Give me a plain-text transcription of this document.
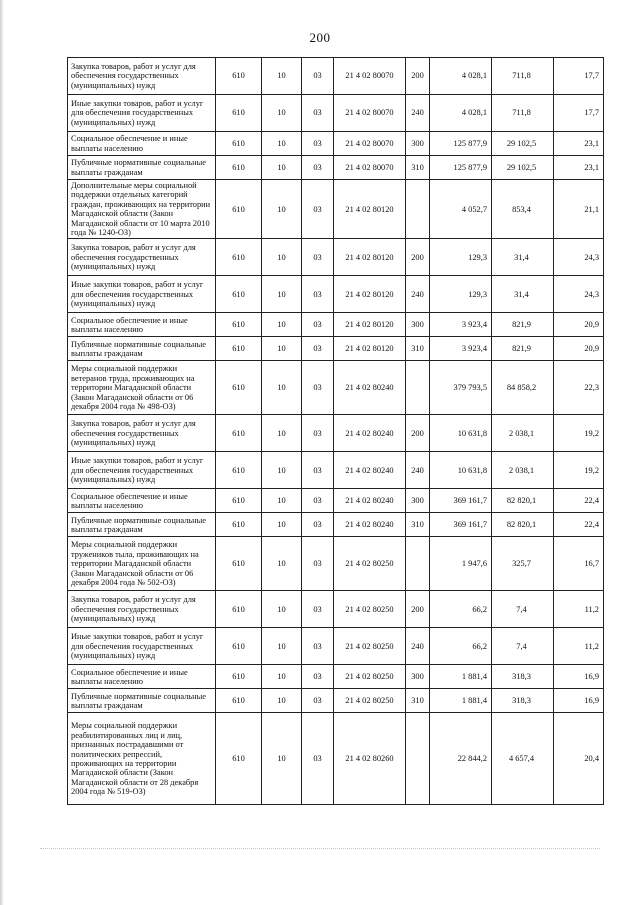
200
Закупка товаров, работ и услуг для обеспечения государственных (муниципальных) нужд	610	10	03	21 4 02 80070	200	4 028,1	711,8	17,7
Иные закупки товаров, работ и услуг для обеспечения государственных (муниципальных) нужд	610	10	03	21 4 02 80070	240	4 028,1	711,8	17,7
Социальное обеспечение и иные выплаты населению	610	10	03	21 4 02 80070	300	125 877,9	29 102,5	23,1
Публичные нормативные социальные выплаты гражданам	610	10	03	21 4 02 80070	310	125 877,9	29 102,5	23,1
Дополнительные меры социальной поддержки отдельных категорий граждан, проживающих на территории Магаданской области (Закон Магаданской области от 10 марта 2010 года № 1240-ОЗ)	610	10	03	21 4 02 80120		4 052,7	853,4	21,1
Закупка товаров, работ и услуг для обеспечения государственных (муниципальных) нужд	610	10	03	21 4 02 80120	200	129,3	31,4	24,3
Иные закупки товаров, работ и услуг для обеспечения государственных (муниципальных) нужд	610	10	03	21 4 02 80120	240	129,3	31,4	24,3
Социальное обеспечение и иные выплаты населению	610	10	03	21 4 02 80120	300	3 923,4	821,9	20,9
Публичные нормативные социальные выплаты гражданам	610	10	03	21 4 02 80120	310	3 923,4	821,9	20,9
Меры социальной поддержки ветеранов труда, проживающих на территории Магаданской области (Закон Магаданской области от 06 декабря 2004 года № 498-ОЗ)	610	10	03	21 4 02 80240		379 793,5	84 858,2	22,3
Закупка товаров, работ и услуг для обеспечения государственных (муниципальных) нужд	610	10	03	21 4 02 80240	200	10 631,8	2 038,1	19,2
Иные закупки товаров, работ и услуг для обеспечения государственных (муниципальных) нужд	610	10	03	21 4 02 80240	240	10 631,8	2 038,1	19,2
Социальное обеспечение и иные выплаты населению	610	10	03	21 4 02 80240	300	369 161,7	82 820,1	22,4
Публичные нормативные социальные выплаты гражданам	610	10	03	21 4 02 80240	310	369 161,7	82 820,1	22,4
Меры социальной поддержки тружеников тыла, проживающих на территории Магаданской области (Закон Магаданской области от 06 декабря 2004 года № 502-ОЗ)	610	10	03	21 4 02 80250		1 947,6	325,7	16,7
Закупка товаров, работ и услуг для обеспечения государственных (муниципальных) нужд	610	10	03	21 4 02 80250	200	66,2	7,4	11,2
Иные закупки товаров, работ и услуг для обеспечения государственных (муниципальных) нужд	610	10	03	21 4 02 80250	240	66,2	7,4	11,2
Социальное обеспечение и иные выплаты населению	610	10	03	21 4 02 80250	300	1 881,4	318,3	16,9
Публичные нормативные социальные выплаты гражданам	610	10	03	21 4 02 80250	310	1 881,4	318,3	16,9
Меры социальной поддержки реабилитированных лиц и лиц, признанных пострадавшими от политических репрессий, проживающих на территории Магаданской области (Закон Магаданской области от 28 декабря 2004 года № 519-ОЗ)	610	10	03	21 4 02 80260		22 844,2	4 657,4	20,4
